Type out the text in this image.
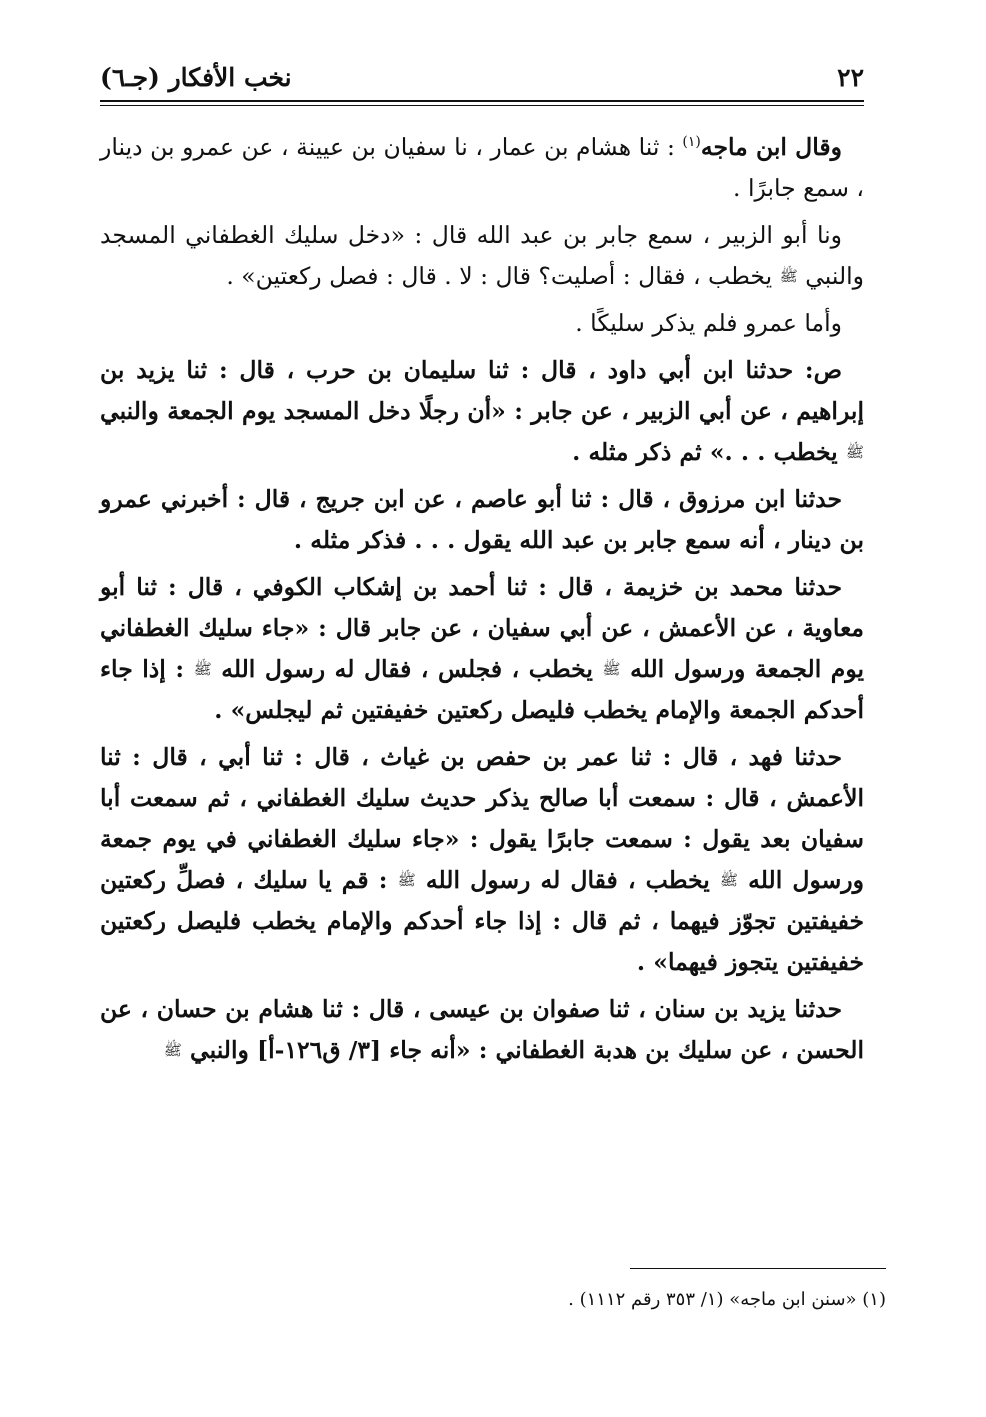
٢٢
نخب الأفكار (جـ٦)

وقال ابن ماجه$^{(١)}$ : ثنا هشام بن عمار ، نا سفيان بن عيينة ، عن عمرو بن دينار ، سمع جابرًا .

ونا أبو الزبير ، سمع جابر بن عبد الله قال : «دخل سليك الغطفاني المسجد والنبي ﷺ يخطب ، فقال : أصليت؟ قال : لا . قال : فصل ركعتين» .

وأما عمرو فلم يذكر سليكًا .

ص: حدثنا ابن أبي داود ، قال : ثنا سليمان بن حرب ، قال : ثنا يزيد بن إبراهيم ، عن أبي الزبير ، عن جابر : «أن رجلًا دخل المسجد يوم الجمعة والنبي ﷺ يخطب . . .» ثم ذكر مثله .

حدثنا ابن مرزوق ، قال : ثنا أبو عاصم ، عن ابن جريج ، قال : أخبرني عمرو بن دينار ، أنه سمع جابر بن عبد الله يقول . . . فذكر مثله .

حدثنا محمد بن خزيمة ، قال : ثنا أحمد بن إشكاب الكوفي ، قال : ثنا أبو معاوية ، عن الأعمش ، عن أبي سفيان ، عن جابر قال : «جاء سليك الغطفاني يوم الجمعة ورسول الله ﷺ يخطب ، فجلس ، فقال له رسول الله ﷺ : إذا جاء أحدكم الجمعة والإمام يخطب فليصل ركعتين خفيفتين ثم ليجلس» .

حدثنا فهد ، قال : ثنا عمر بن حفص بن غياث ، قال : ثنا أبي ، قال : ثنا الأعمش ، قال : سمعت أبا صالح يذكر حديث سليك الغطفاني ، ثم سمعت أبا سفيان بعد يقول : سمعت جابرًا يقول : «جاء سليك الغطفاني في يوم جمعة ورسول الله ﷺ يخطب ، فقال له رسول الله ﷺ : قم يا سليك ، فصلِّ ركعتين خفيفتين تجوّز فيهما ، ثم قال : إذا جاء أحدكم والإمام يخطب فليصل ركعتين خفيفتين يتجوز فيهما» .

حدثنا يزيد بن سنان ، ثنا صفوان بن عيسى ، قال : ثنا هشام بن حسان ، عن الحسن ، عن سليك بن هدبة الغطفاني : «أنه جاء [٣/ ق١٢٦-أ] والنبي ﷺ

(١) «سنن ابن ماجه» (١/ ٣٥٣ رقم ١١١٢) .
